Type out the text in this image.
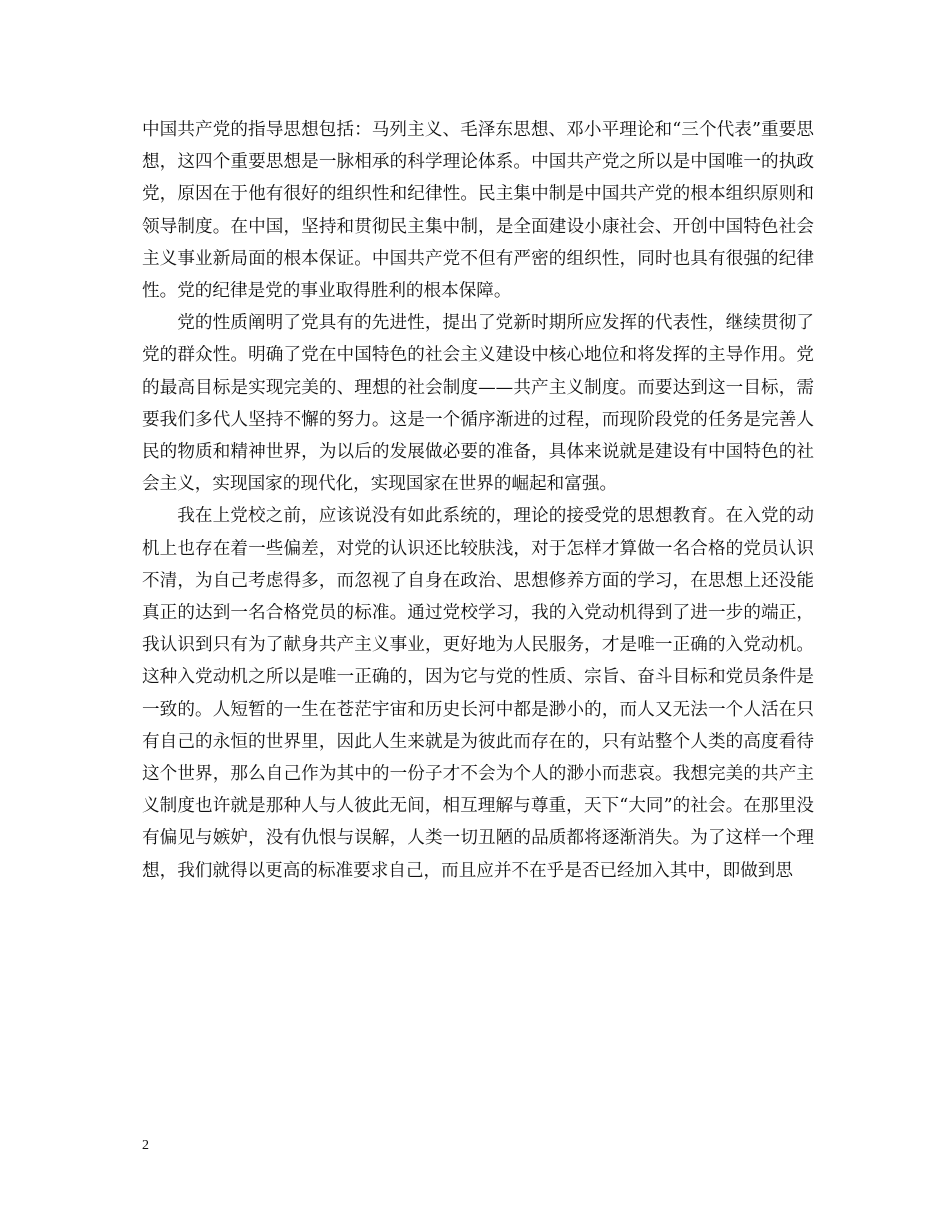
中国共产党的指导思想包括：马列主义、毛泽东思想、邓小平理论和“三个代表”重要思想，这四个重要思想是一脉相承的科学理论体系。中国共产党之所以是中国唯一的执政党，原因在于他有很好的组织性和纪律性。民主集中制是中国共产党的根本组织原则和领导制度。在中国，坚持和贯彻民主集中制，是全面建设小康社会、开创中国特色社会主义事业新局面的根本保证。中国共产党不但有严密的组织性，同时也具有很强的纪律性。党的纪律是党的事业取得胜利的根本保障。

党的性质阐明了党具有的先进性，提出了党新时期所应发挥的代表性，继续贯彻了党的群众性。明确了党在中国特色的社会主义建设中核心地位和将发挥的主导作用。党的最高目标是实现完美的、理想的社会制度——共产主义制度。而要达到这一目标，需要我们多代人坚持不懈的努力。这是一个循序渐进的过程，而现阶段党的任务是完善人民的物质和精神世界，为以后的发展做必要的准备，具体来说就是建设有中国特色的社会主义，实现国家的现代化，实现国家在世界的崛起和富强。

我在上党校之前，应该说没有如此系统的，理论的接受党的思想教育。在入党的动机上也存在着一些偏差，对党的认识还比较肤浅，对于怎样才算做一名合格的党员认识不清，为自己考虑得多，而忽视了自身在政治、思想修养方面的学习，在思想上还没能真正的达到一名合格党员的标准。通过党校学习，我的入党动机得到了进一步的端正，我认识到只有为了献身共产主义事业，更好地为人民服务，才是唯一正确的入党动机。这种入党动机之所以是唯一正确的，因为它与党的性质、宗旨、奋斗目标和党员条件是一致的。人短暂的一生在苍茫宇宙和历史长河中都是渺小的，而人又无法一个人活在只有自己的永恒的世界里，因此人生来就是为彼此而存在的，只有站整个人类的高度看待这个世界，那么自己作为其中的一份子才不会为个人的渺小而悲哀。我想完美的共产主义制度也许就是那种人与人彼此无间，相互理解与尊重，天下“大同”的社会。在那里没有偏见与嫉妒，没有仇恨与误解，人类一切丑陋的品质都将逐渐消失。为了这样一个理想，我们就得以更高的标准要求自己，而且应并不在乎是否已经加入其中，即做到思

2
